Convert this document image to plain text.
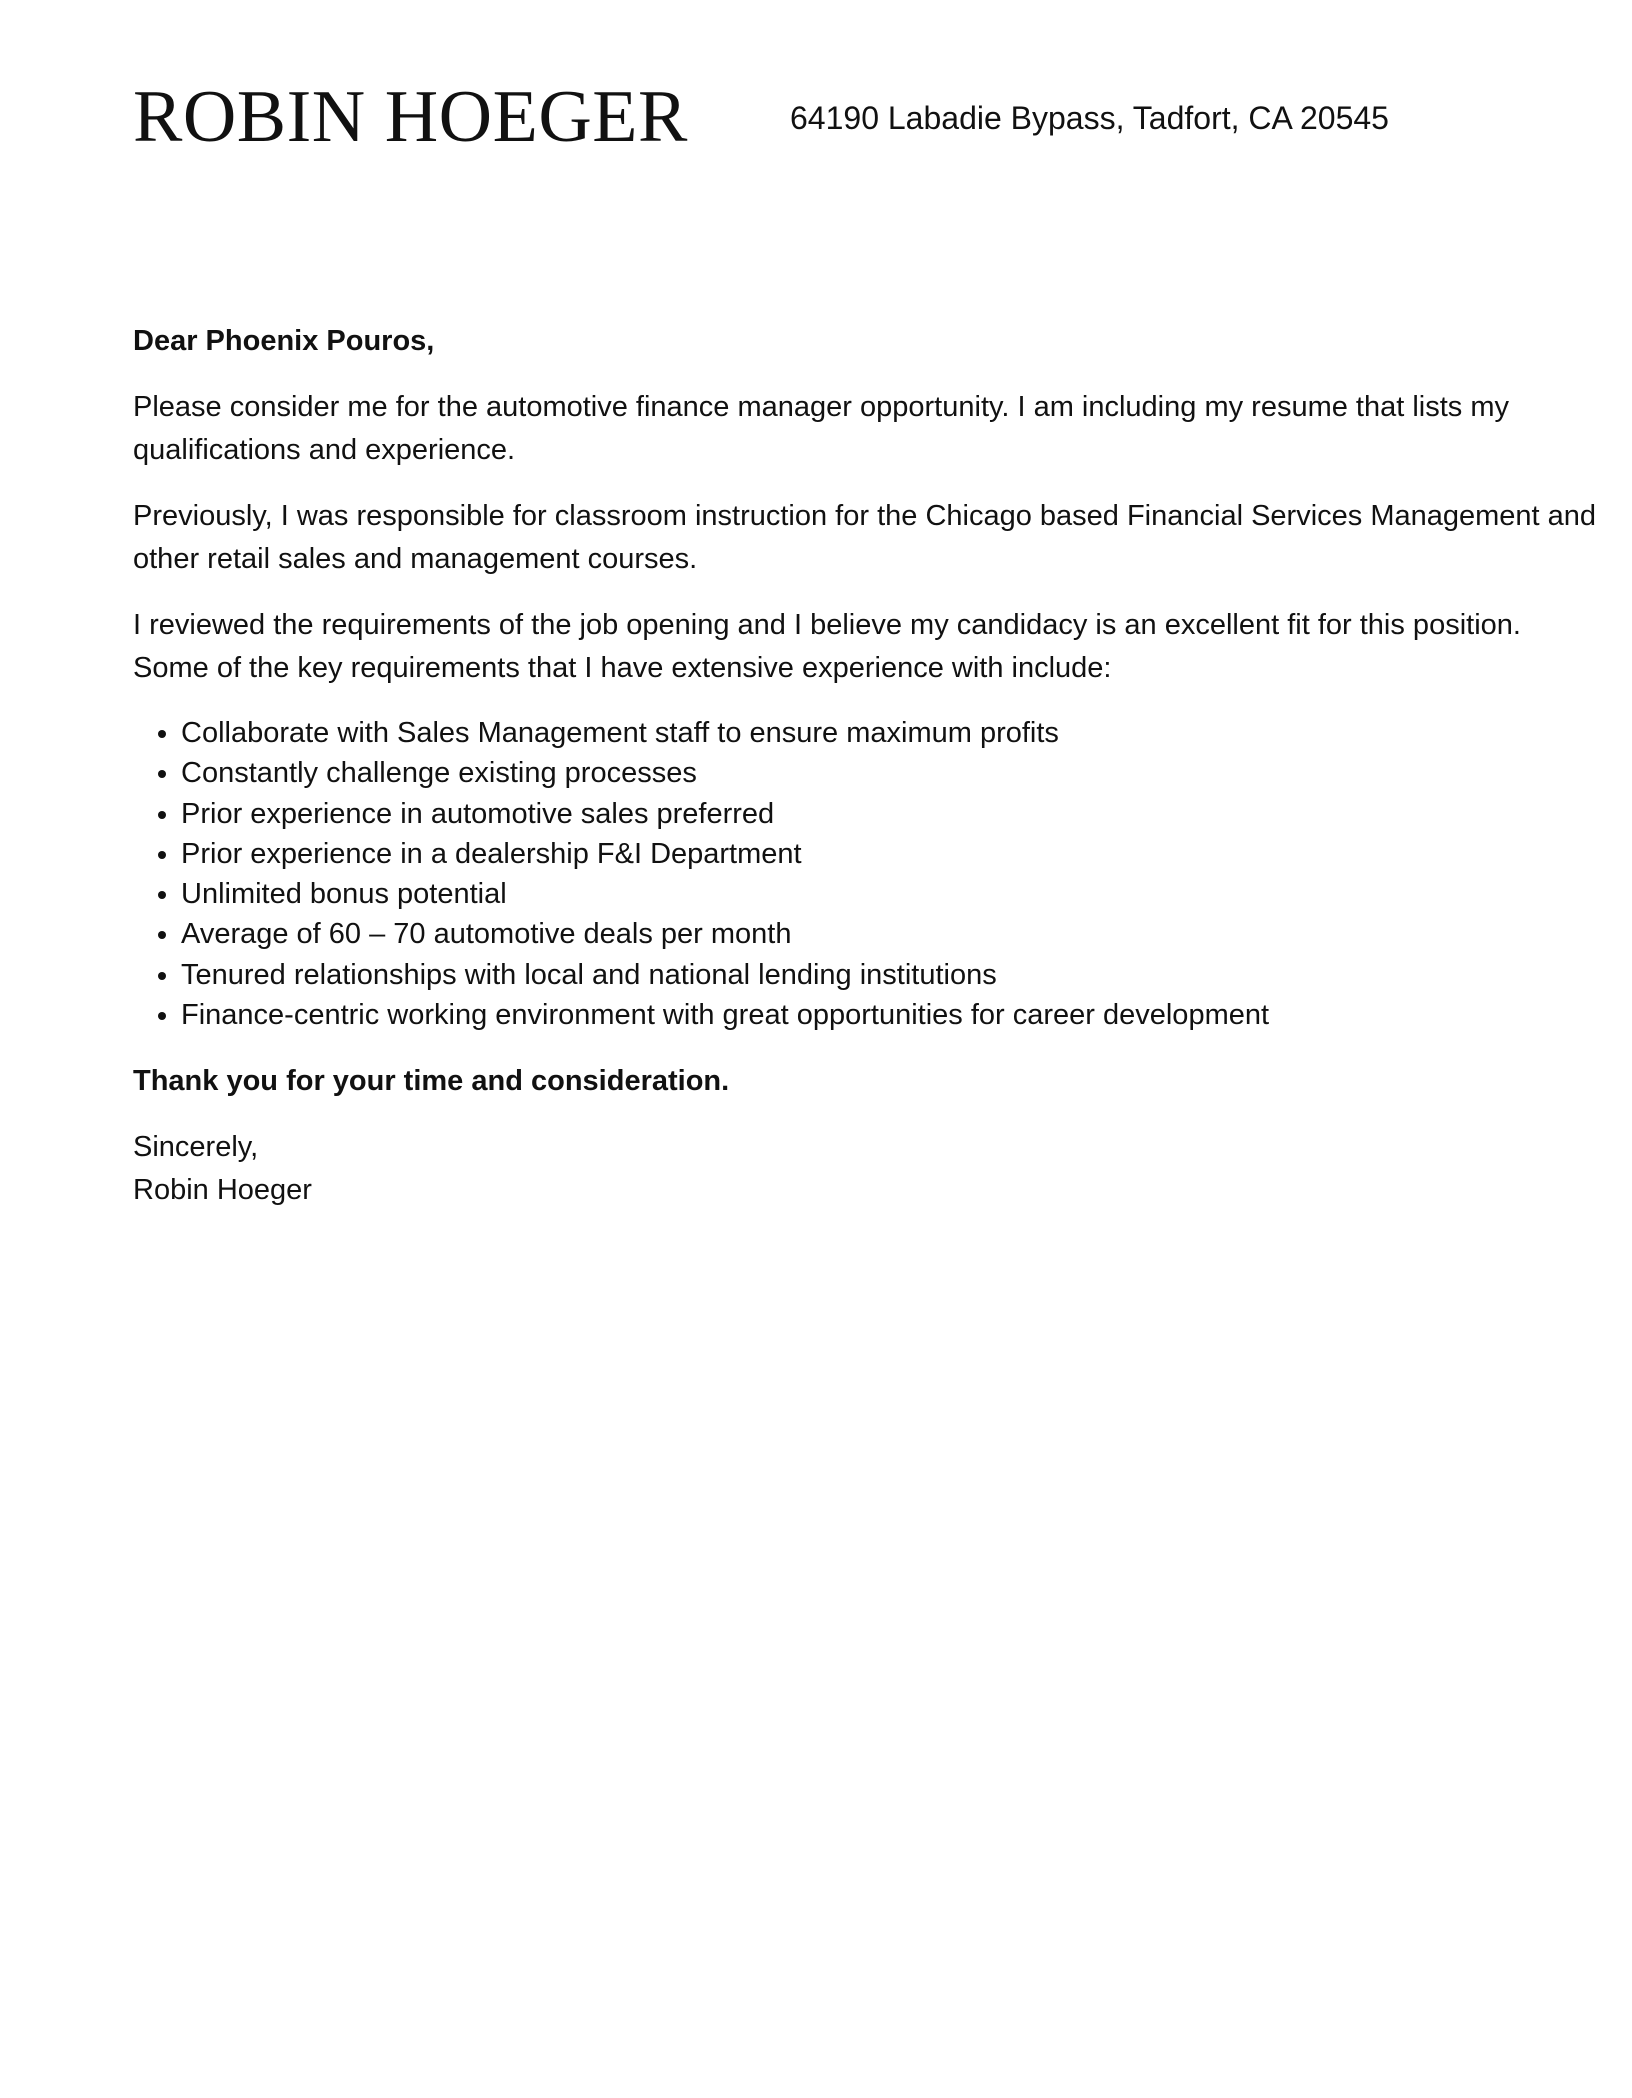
ROBIN HOEGER	64190 Labadie Bypass, Tadfort, CA 20545

Dear Phoenix Pouros,

Please consider me for the automotive finance manager opportunity. I am including my resume that lists my qualifications and experience.

Previously, I was responsible for classroom instruction for the Chicago based Financial Services Management and other retail sales and management courses.

I reviewed the requirements of the job opening and I believe my candidacy is an excellent fit for this position. Some of the key requirements that I have extensive experience with include:

• Collaborate with Sales Management staff to ensure maximum profits
• Constantly challenge existing processes
• Prior experience in automotive sales preferred
• Prior experience in a dealership F&I Department
• Unlimited bonus potential
• Average of 60 – 70 automotive deals per month
• Tenured relationships with local and national lending institutions
• Finance-centric working environment with great opportunities for career development

Thank you for your time and consideration.

Sincerely,

Robin Hoeger
